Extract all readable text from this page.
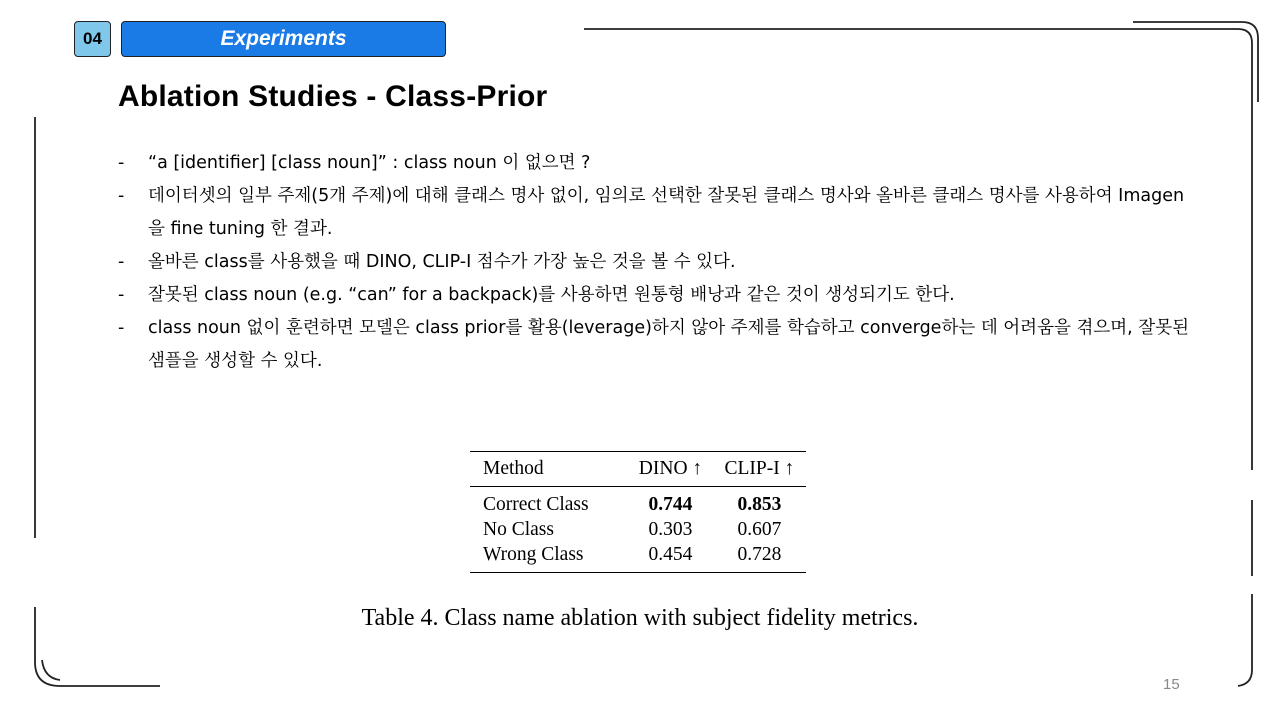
04	Experiments
Ablation Studies - Class-Prior
- “a [identifier] [class noun]” : class noun 이 없으면 ?
- 데이터셋의 일부 주제(5개 주제)에 대해 클래스 명사 없이, 임의로 선택한 잘못된 클래스 명사와 올바른 클래스 명사를 사용하여 Imagen을 fine tuning 한 결과.
- 올바른 class를 사용했을 때 DINO, CLIP-I 점수가 가장 높은 것을 볼 수 있다.
- 잘못된 class noun (e.g. “can” for a backpack)를 사용하면 원통형 배낭과 같은 것이 생성되기도 한다.
- class noun 없이 훈련하면 모델은 class prior를 활용(leverage)하지 않아 주제를 학습하고 converge하는 데 어려움을 겪으며, 잘못된 샘플을 생성할 수 있다.
Method	DINO ↑	CLIP-I ↑
Correct Class	0.744	0.853
No Class	0.303	0.607
Wrong Class	0.454	0.728

Table 4. Class name ablation with subject fidelity metrics.

15
